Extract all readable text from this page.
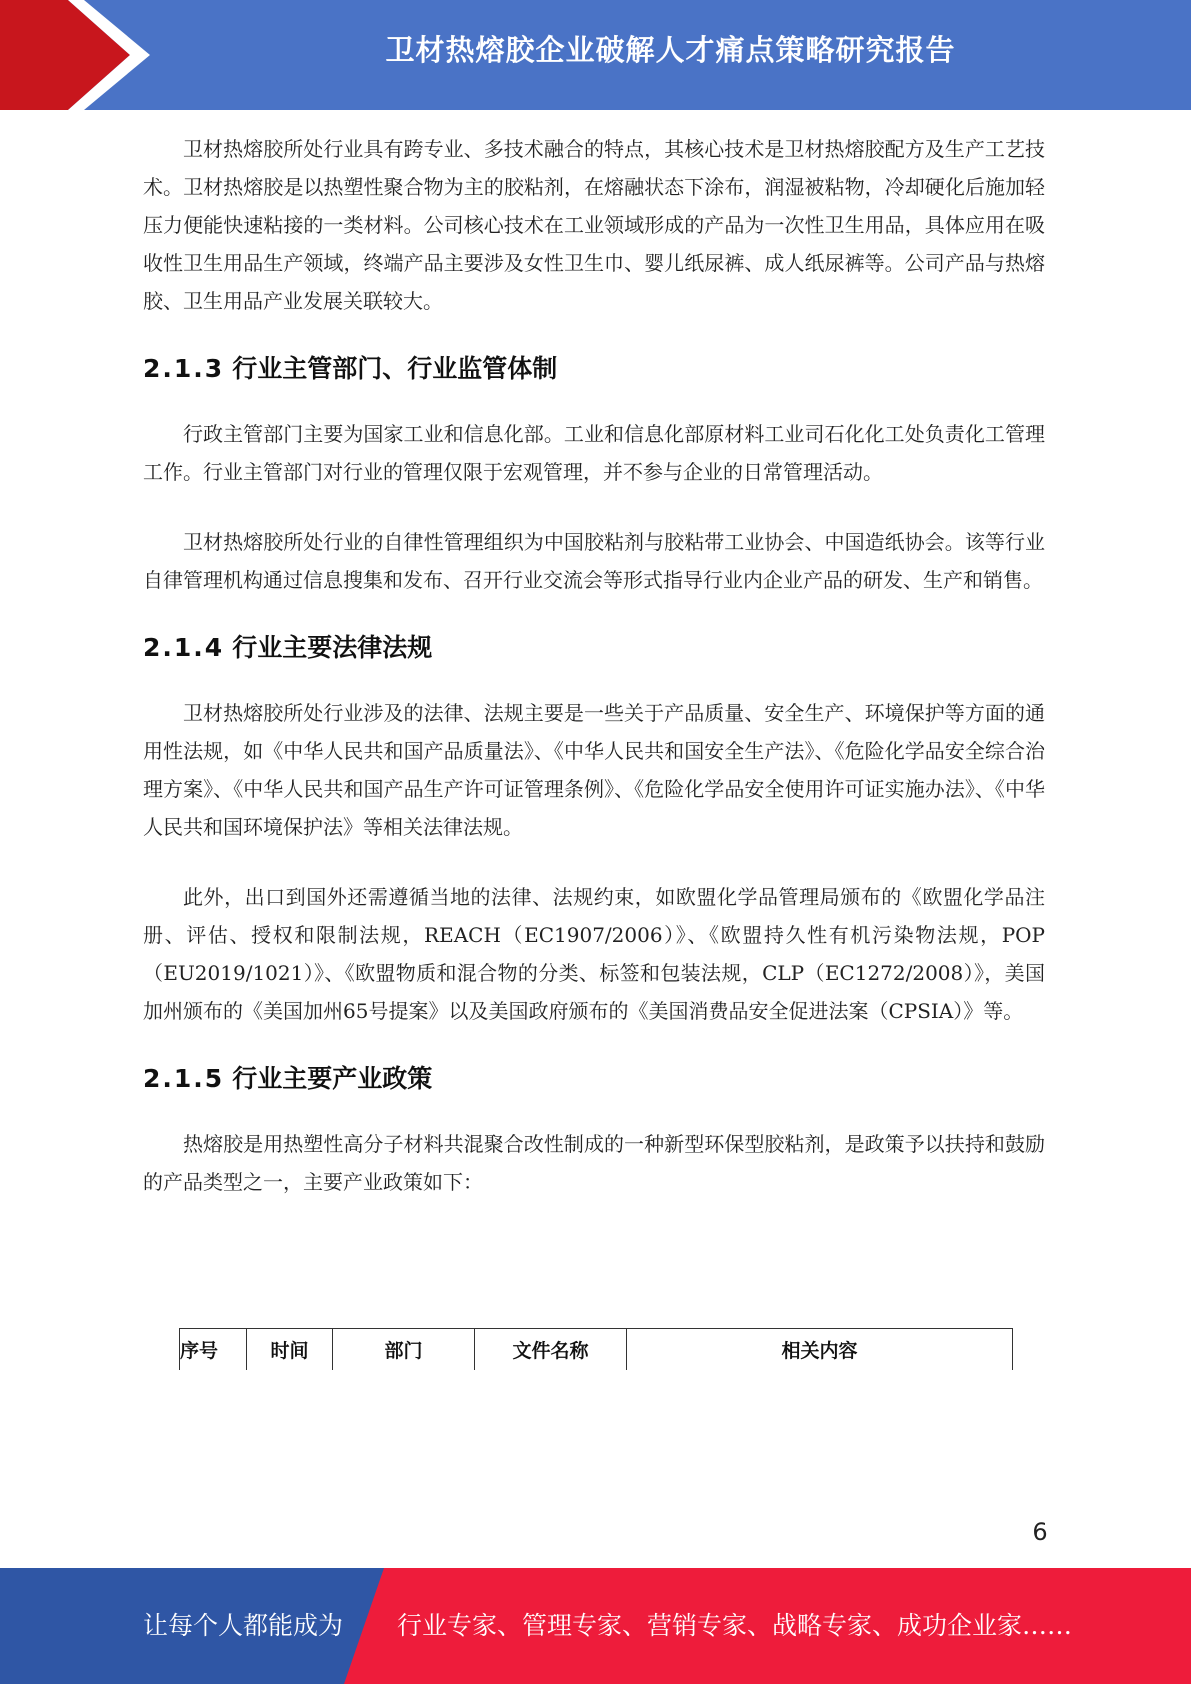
卫材热熔胶企业破解人才痛点策略研究报告

卫材热熔胶所处行业具有跨专业、多技术融合的特点，其核心技术是卫材热熔胶配方及生产工艺技术。卫材热熔胶是以热塑性聚合物为主的胶粘剂，在熔融状态下涂布，润湿被粘物，冷却硬化后施加轻压力便能快速粘接的一类材料。公司核心技术在工业领域形成的产品为一次性卫生用品，具体应用在吸收性卫生用品生产领域，终端产品主要涉及女性卫生巾、婴儿纸尿裤、成人纸尿裤等。公司产品与热熔胶、卫生用品产业发展关联较大。

2.1.3 行业主管部门、行业监管体制

行政主管部门主要为国家工业和信息化部。工业和信息化部原材料工业司石化化工处负责化工管理工作。行业主管部门对行业的管理仅限于宏观管理，并不参与企业的日常管理活动。

卫材热熔胶所处行业的自律性管理组织为中国胶粘剂与胶粘带工业协会、中国造纸协会。该等行业自律管理机构通过信息搜集和发布、召开行业交流会等形式指导行业内企业产品的研发、生产和销售。

2.1.4 行业主要法律法规

卫材热熔胶所处行业涉及的法律、法规主要是一些关于产品质量、安全生产、环境保护等方面的通用性法规，如《中华人民共和国产品质量法》、《中华人民共和国安全生产法》、《危险化学品安全综合治理方案》、《中华人民共和国产品生产许可证管理条例》、《危险化学品安全使用许可证实施办法》、《中华人民共和国环境保护法》等相关法律法规。

此外，出口到国外还需遵循当地的法律、法规约束，如欧盟化学品管理局颁布的《欧盟化学品注册、评估、授权和限制法规，REACH（EC1907/2006）》、《欧盟持久性有机污染物法规，POP（EU2019/1021）》、《欧盟物质和混合物的分类、标签和包装法规，CLP（EC1272/2008）》，美国加州颁布的《美国加州65号提案》以及美国政府颁布的《美国消费品安全促进法案（CPSIA）》等。

2.1.5 行业主要产业政策

热熔胶是用热塑性高分子材料共混聚合改性制成的一种新型环保型胶粘剂，是政策予以扶持和鼓励的产品类型之一，主要产业政策如下：

序号	时间	部门	文件名称	相关内容
6
让每个人都能成为 行业专家、管理专家、营销专家、战略专家、成功企业家……
